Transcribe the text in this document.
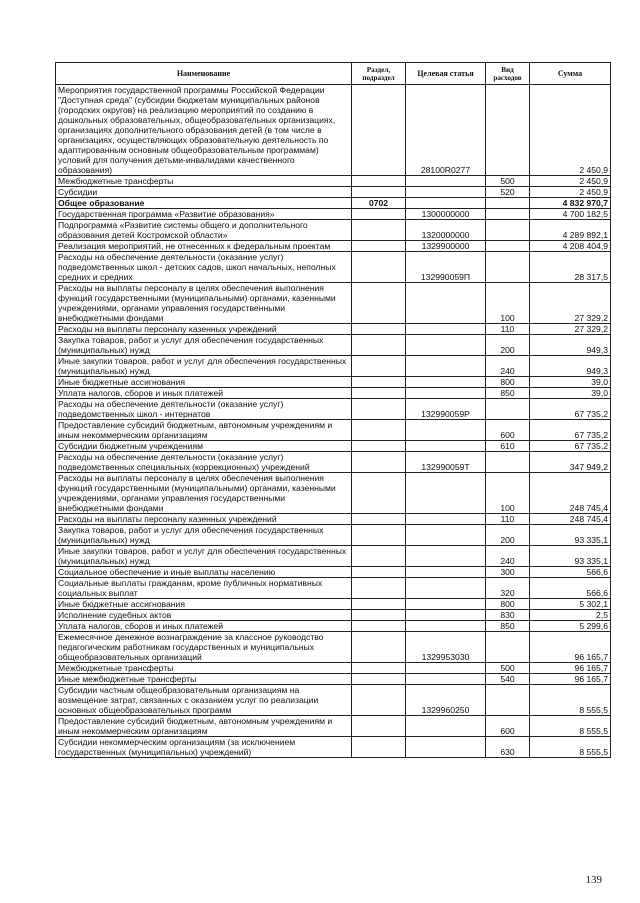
Наименование	Раздел, подраздел	Целевая статья	Вид расходов	Сумма
Мероприятия государственной программы Российской Федерации "Доступная среда" (субсидии бюджетам муниципальных районов (городских округов) на реализацию мероприятий по созданию в дошкольных образовательных, общеобразовательных организациях, организациях дополнительного образования детей (в том числе в организациях, осуществляющих образовательную деятельность по адаптированным основным общеобразовательным программам) условий для получения детьми-инвалидами качественного образования)		28100R0277		2 450,9
Межбюджетные трансферты			500	2 450,9
Субсидии			520	2 450,9
Общее образование	0702			4 832 970,7
Государственная программа «Развитие образования»		1300000000		4 700 182,5
Подпрограмма «Развитие системы общего и дополнительного образования детей Костромской области»		1320000000		4 289 892,1
Реализация мероприятий, не отнесенных к федеральным проектам		1329900000		4 208 404,9
Расходы на обеспечение деятельности (оказание услуг) подведомственных школ - детских садов, школ начальных, неполных средних и средних		132990059П		28 317,5
Расходы на выплаты персоналу в целях обеспечения выполнения функций государственными (муниципальными) органами, казенными учреждениями, органами управления государственными внебюджетными фондами			100	27 329,2
Расходы на выплаты персоналу казенных учреждений			110	27 329,2
Закупка товаров, работ и услуг для обеспечения государственных (муниципальных) нужд			200	949,3
Иные закупки товаров, работ и услуг для обеспечения государственных (муниципальных) нужд			240	949,3
Иные бюджетные ассигнования			800	39,0
Уплата налогов, сборов и иных платежей			850	39,0
Расходы на обеспечение деятельности (оказание услуг) подведомственных школ - интернатов		132990059Р		67 735,2
Предоставление субсидий бюджетным, автономным учреждениям и иным некоммерческим организациям			600	67 735,2
Субсидии бюджетным учреждениям			610	67 735,2
Расходы на обеспечение деятельности (оказание услуг) подведомственных специальных (коррекционных) учреждений		132990059Т		347 949,2
Расходы на выплаты персоналу в целях обеспечения выполнения функций государственными (муниципальными) органами, казенными учреждениями, органами управления государственными внебюджетными фондами			100	248 745,4
Расходы на выплаты персоналу казенных учреждений			110	248 745,4
Закупка товаров, работ и услуг для обеспечения государственных (муниципальных) нужд			200	93 335,1
Иные закупки товаров, работ и услуг для обеспечения государственных (муниципальных) нужд			240	93 335,1
Социальное обеспечение и иные выплаты населению			300	566,6
Социальные выплаты гражданам, кроме публичных нормативных социальных выплат			320	566,6
Иные бюджетные ассигнования			800	5 302,1
Исполнение судебных актов			830	2,5
Уплата налогов, сборов и иных платежей			850	5 299,6
Ежемесячное денежное вознаграждение за классное руководство педагогическим работникам государственных и муниципальных общеобразовательных организаций		1329953030		96 165,7
Межбюджетные трансферты			500	96 165,7
Иные межбюджетные трансферты			540	96 165,7
Субсидии частным общеобразовательным организациям на возмещение затрат, связанных с оказанием услуг по реализации основных общеобразовательных программ		1329960250		8 555,5
Предоставление субсидий бюджетным, автономным учреждениям и иным некоммерческим организациям			600	8 555,5
Субсидии некоммерческим организациям (за исключением государственных (муниципальных) учреждений)			630	8 555,5
139
